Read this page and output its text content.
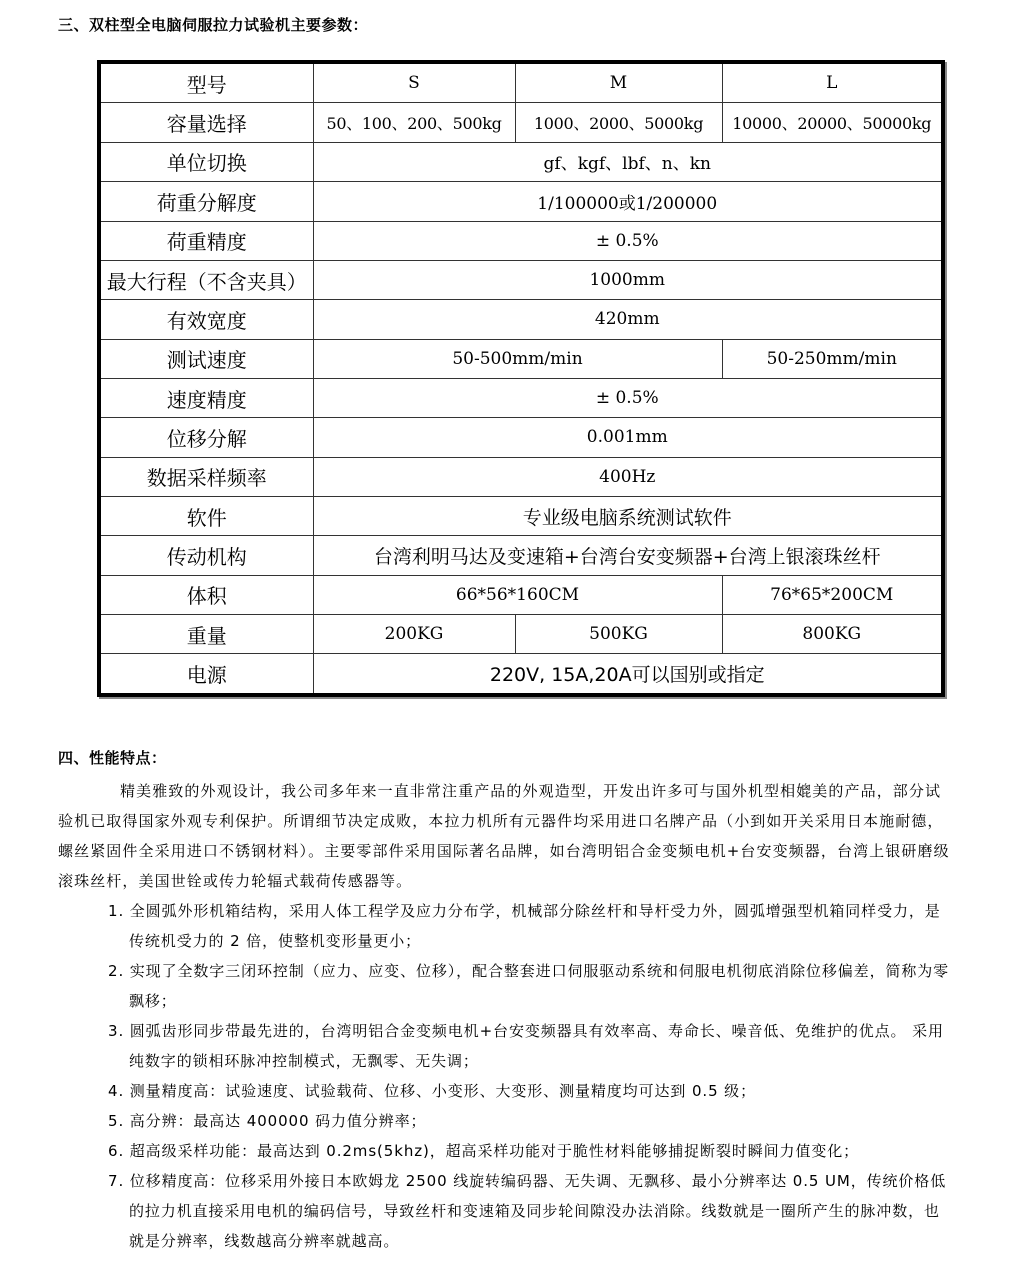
三、双柱型全电脑伺服拉力试验机主要参数：
型号	S	M	L
容量选择	50、100、200、500kg	1000、2000、5000kg	10000、20000、50000kg
单位切换	gf、kgf、lbf、n、kn		
荷重分解度	1/100000或1/200000		
荷重精度	± 0.5%		
最大行程（不含夹具）	1000mm		
有效宽度	420mm		
测试速度	50-500mm/min		50-250mm/min
速度精度	± 0.5%		
位移分解	0.001mm		
数据采样频率	400Hz		
软件	专业级电脑系统测试软件		
传动机构	台湾利明马达及变速箱+台湾台安变频器+台湾上银滚珠丝杆		
体积	66*56*160CM		76*65*200CM
重量	200KG	500KG	800KG
电源	220V, 15A,20A可以国别或指定		
四、性能特点：

精美雅致的外观设计，我公司多年来一直非常注重产品的外观造型，开发出许多可与国外机型相媲美的产品，部分试验机已取得国家外观专利保护。所谓细节决定成败，本拉力机所有元器件均采用进口名牌产品（小到如开关采用日本施耐德，螺丝紧固件全采用进口不锈钢材料）。主要零部件采用国际著名品牌，如台湾明铝合金变频电机+台安变频器，台湾上银研磨级滚珠丝杆，美国世铨或传力轮辐式载荷传感器等。

1. 全圆弧外形机箱结构，采用人体工程学及应力分布学，机械部分除丝杆和导杆受力外，圆弧增强型机箱同样受力，是传统机受力的 2 倍，使整机变形量更小；
2. 实现了全数字三闭环控制（应力、应变、位移），配合整套进口伺服驱动系统和伺服电机彻底消除位移偏差，简称为零飘移；
3. 圆弧齿形同步带最先进的，台湾明铝合金变频电机+台安变频器具有效率高、寿命长、噪音低、免维护的优点。 采用纯数字的锁相环脉冲控制模式，无飘零、无失调；
4. 测量精度高：试验速度、试验载荷、位移、小变形、大变形、测量精度均可达到 0.5 级；
5. 高分辨：最高达 400000 码力值分辨率；
6. 超高级采样功能：最高达到 0.2ms(5khz)，超高采样功能对于脆性材料能够捕捉断裂时瞬间力值变化；
7. 位移精度高：位移采用外接日本欧姆龙 2500 线旋转编码器、无失调、无飘移、最小分辨率达 0.5 UM，传统价格低的拉力机直接采用电机的编码信号，导致丝杆和变速箱及同步轮间隙没办法消除。线数就是一圈所产生的脉冲数，也就是分辨率，线数越高分辨率就越高。
